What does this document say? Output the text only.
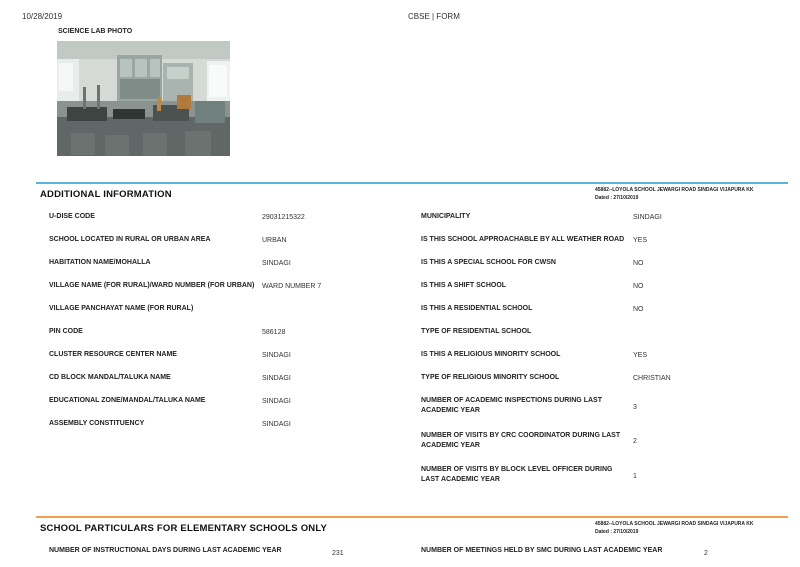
10/28/2019	CBSE | FORM
SCIENCE LAB PHOTO
ADDITIONAL INFORMATION	45882--LOYOLA SCHOOL JEWARGI ROAD SINDAGI VIJAPURA KK
Dated : 27/10/2019
U-DISE CODE	29031215322
SCHOOL LOCATED IN RURAL OR URBAN AREA	URBAN
HABITATION NAME/MOHALLA	SINDAGI
VILLAGE NAME (FOR RURAL)/WARD NUMBER (FOR URBAN)	WARD NUMBER 7
VILLAGE PANCHAYAT NAME (FOR RURAL)
PIN CODE	586128
CLUSTER RESOURCE CENTER NAME	SINDAGI
CD BLOCK MANDAL/TALUKA NAME	SINDAGI
EDUCATIONAL ZONE/MANDAL/TALUKA NAME	SINDAGI
ASSEMBLY CONSTITUENCY	SINDAGI
MUNICIPALITY	SINDAGI
IS THIS SCHOOL APPROACHABLE BY ALL WEATHER ROAD YES
IS THIS A SPECIAL SCHOOL FOR CWSN	NO
IS THIS A SHIFT SCHOOL	NO
IS THIS A RESIDENTIAL SCHOOL	NO
TYPE OF RESIDENTIAL SCHOOL
IS THIS A RELIGIOUS MINORITY SCHOOL	YES
TYPE OF RELIGIOUS MINORITY SCHOOL	CHRISTIAN
NUMBER OF ACADEMIC INSPECTIONS DURING LAST ACADEMIC YEAR	3
NUMBER OF VISITS BY CRC COORDINATOR DURING LAST ACADEMIC YEAR
2
NUMBER OF VISITS BY BLOCK LEVEL OFFICER DURING LAST ACADEMIC YEAR	1
SCHOOL PARTICULARS FOR ELEMENTARY SCHOOLS ONLY	45882--LOYOLA SCHOOL JEWARGI ROAD SINDAGI VIJAPURA KK
Dated : 27/10/2019
NUMBER OF INSTRUCTIONAL DAYS DURING LAST ACADEMIC YEAR	231	NUMBER OF MEETINGS HELD BY SMC DURING LAST ACADEMIC YEAR	2
